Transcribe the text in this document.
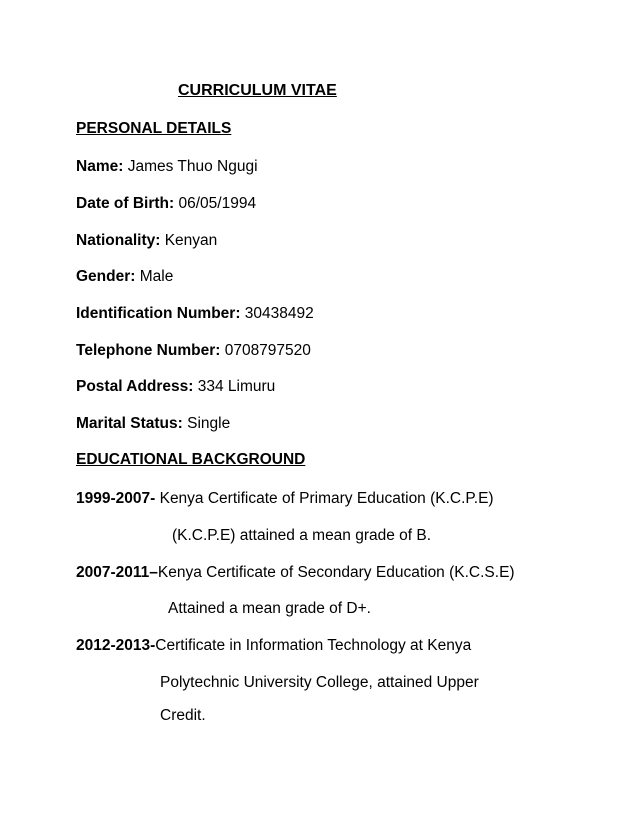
CURRICULUM VITAE
PERSONAL DETAILS
Name: James Thuo Ngugi
Date of Birth: 06/05/1994
Nationality: Kenyan
Gender: Male
Identification Number: 30438492
Telephone Number: 0708797520
Postal Address: 334 Limuru
Marital Status: Single
EDUCATIONAL BACKGROUND
1999-2007- Kenya Certificate of Primary Education (K.C.P.E)
(K.C.P.E) attained a mean grade of B.
2007-2011–Kenya Certificate of Secondary Education (K.C.S.E)
Attained a mean grade of D+.
2012-2013-Certificate in Information Technology at Kenya
Polytechnic University College, attained Upper
Credit.
